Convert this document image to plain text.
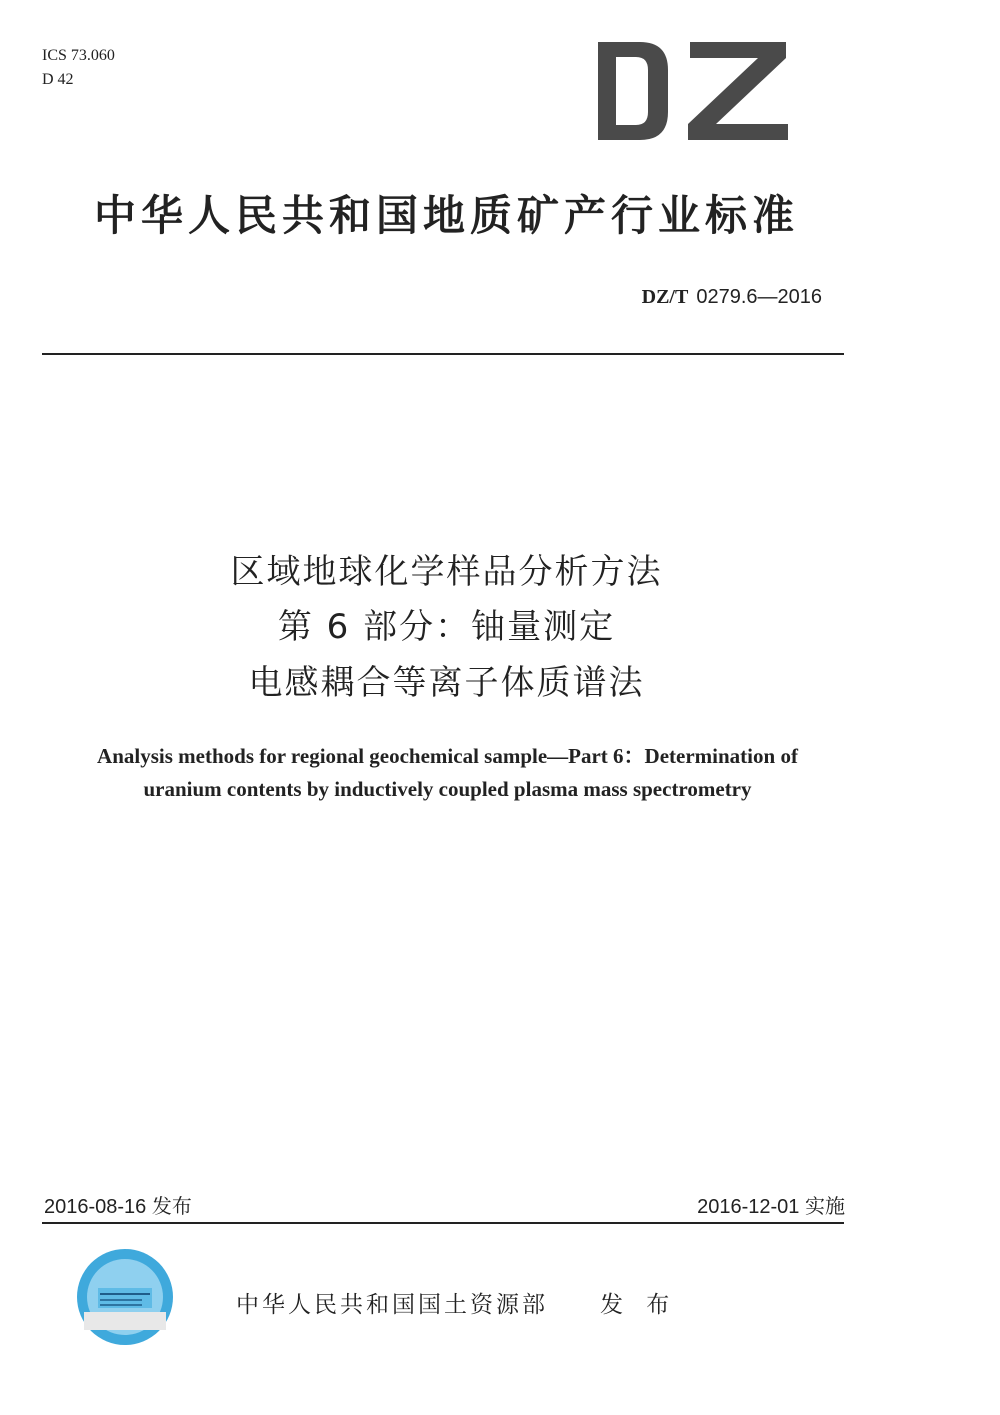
ICS 73.060
D 42
中华人民共和国地质矿产行业标准
DZ/T 0279.6—2016
区域地球化学样品分析方法
第 6 部分：铀量测定
电感耦合等离子体质谱法
Analysis methods for regional geochemical sample—Part 6：Determination of
uranium contents by inductively coupled plasma mass spectrometry
2016-08-16 发布	2016-12-01 实施
中华人民共和国国土资源部 发 布
